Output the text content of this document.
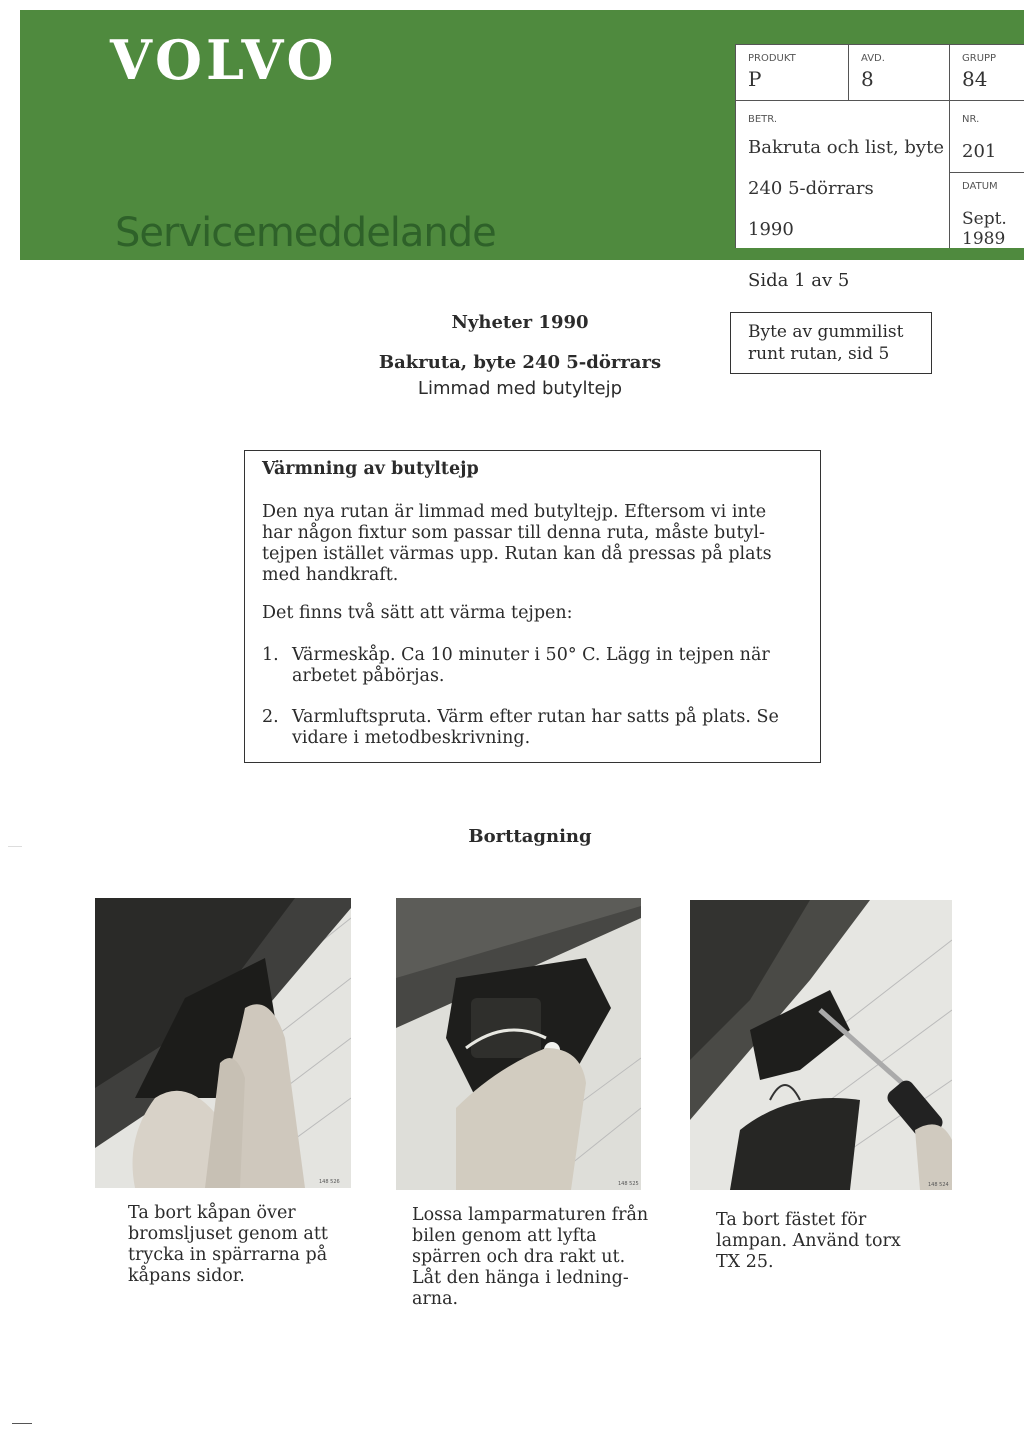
VOLVO
Servicemeddelande
PRODUKT
P
AVD.
8
GRUPP
84
BETR.
Bakruta och list, byte
240 5-dörrars
1990
NR.
201
DATUM
Sept.
1989
Sida 1 av 5
Byte av gummilist
runt rutan, sid 5
Nyheter 1990
Bakruta, byte 240 5-dörrars
Limmad med butyltejp
Värmning av butyltejp
Den nya rutan är limmad med butyltejp. Eftersom vi inte
har någon fixtur som passar till denna ruta, måste butyl-
tejpen istället värmas upp. Rutan kan då pressas på plats
med handkraft.
Det finns två sätt att värma tejpen:
1. Värmeskåp. Ca 10 minuter i 50° C. Lägg in tejpen när
arbetet påbörjas.
2. Varmluftspruta. Värm efter rutan har satts på plats. Se
vidare i metodbeskrivning.
Borttagning
148 526	148 525	148 524
Ta bort kåpan över
bromsljuset genom att
trycka in spärrarna på
kåpans sidor.
Lossa lamparmaturen från
bilen genom att lyfta
spärren och dra rakt ut.
Låt den hänga i ledning-
arna.
Ta bort fästet för
lampan. Använd torx
TX 25.
